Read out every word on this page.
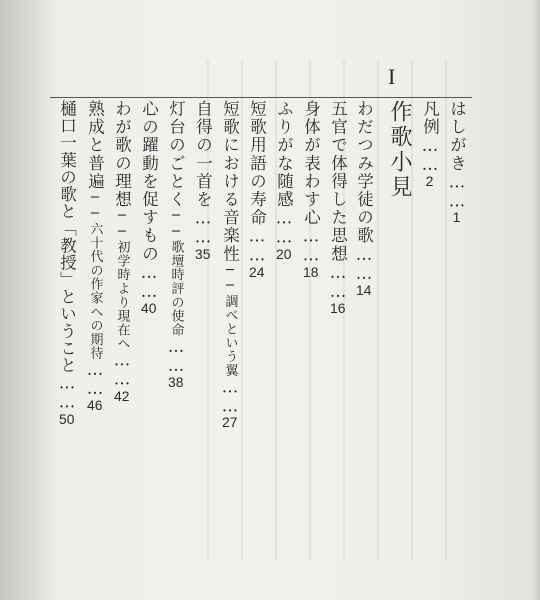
はしがき……1
凡例……2
I
作歌小見
わだつみ学徒の歌……14
五官で体得した思想……16
身体が表わす心……18
ふりがな随感……20
短歌用語の寿命……24
短歌における音楽性──調べという翼……27
自得の一首を……35
灯台のごとく──歌壇時評の使命……38
心の躍動を促すもの……40
わが歌の理想──初学時より現在へ……42
熟成と普遍──六十代の作家への期待……46
樋口一葉の歌と「教授」ということ……50
